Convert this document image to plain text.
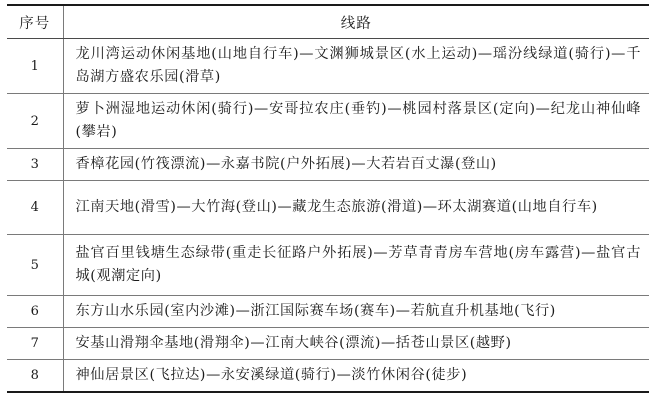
序号	线路
1	龙川湾运动休闲基地(山地自行车)—文渊狮城景区(水上运动)—瑶汾线绿道(骑行)—千岛湖方盛农乐园(滑草)
2	萝卜洲湿地运动休闲(骑行)—安哥拉农庄(垂钓)—桃园村落景区(定向)—纪龙山神仙峰(攀岩)
3	香樟花园(竹筏漂流)—永嘉书院(户外拓展)—大若岩百丈瀑(登山)
4	江南天地(滑雪)—大竹海(登山)—藏龙生态旅游(滑道)—环太湖赛道(山地自行车)
5	盐官百里钱塘生态绿带(重走长征路户外拓展)—芳草青青房车营地(房车露营)—盐官古城(观潮定向)
6	东方山水乐园(室内沙滩)—浙江国际赛车场(赛车)—若航直升机基地(飞行)
7	安基山滑翔伞基地(滑翔伞)—江南大峡谷(漂流)—括苍山景区(越野)
8	神仙居景区(飞拉达)—永安溪绿道(骑行)—淡竹休闲谷(徒步)
